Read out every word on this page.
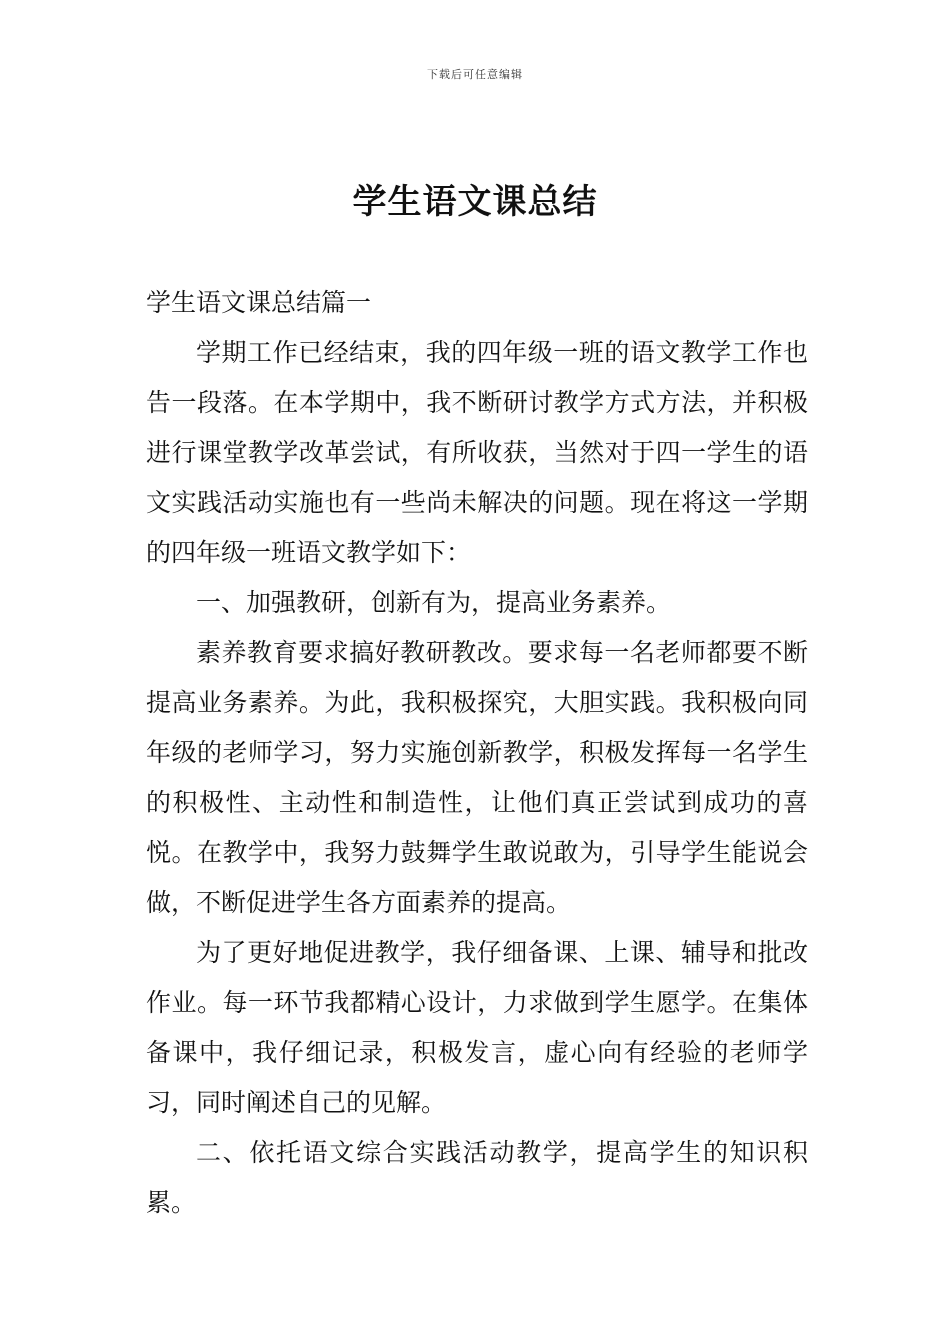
下载后可任意编辑
学生语文课总结

学生语文课总结篇一

学期工作已经结束，我的四年级一班的语文教学工作也告一段落。在本学期中，我不断研讨教学方式方法，并积极进行课堂教学改革尝试，有所收获，当然对于四一学生的语文实践活动实施也有一些尚未解决的问题。现在将这一学期的四年级一班语文教学如下：

一、加强教研，创新有为，提高业务素养。

素养教育要求搞好教研教改。要求每一名老师都要不断提高业务素养。为此，我积极探究，大胆实践。我积极向同年级的老师学习，努力实施创新教学，积极发挥每一名学生的积极性、主动性和制造性，让他们真正尝试到成功的喜悦。在教学中，我努力鼓舞学生敢说敢为，引导学生能说会做，不断促进学生各方面素养的提高。

为了更好地促进教学，我仔细备课、上课、辅导和批改作业。每一环节我都精心设计，力求做到学生愿学。在集体备课中，我仔细记录，积极发言，虚心向有经验的老师学习，同时阐述自己的见解。

二、依托语文综合实践活动教学，提高学生的知识积累。
